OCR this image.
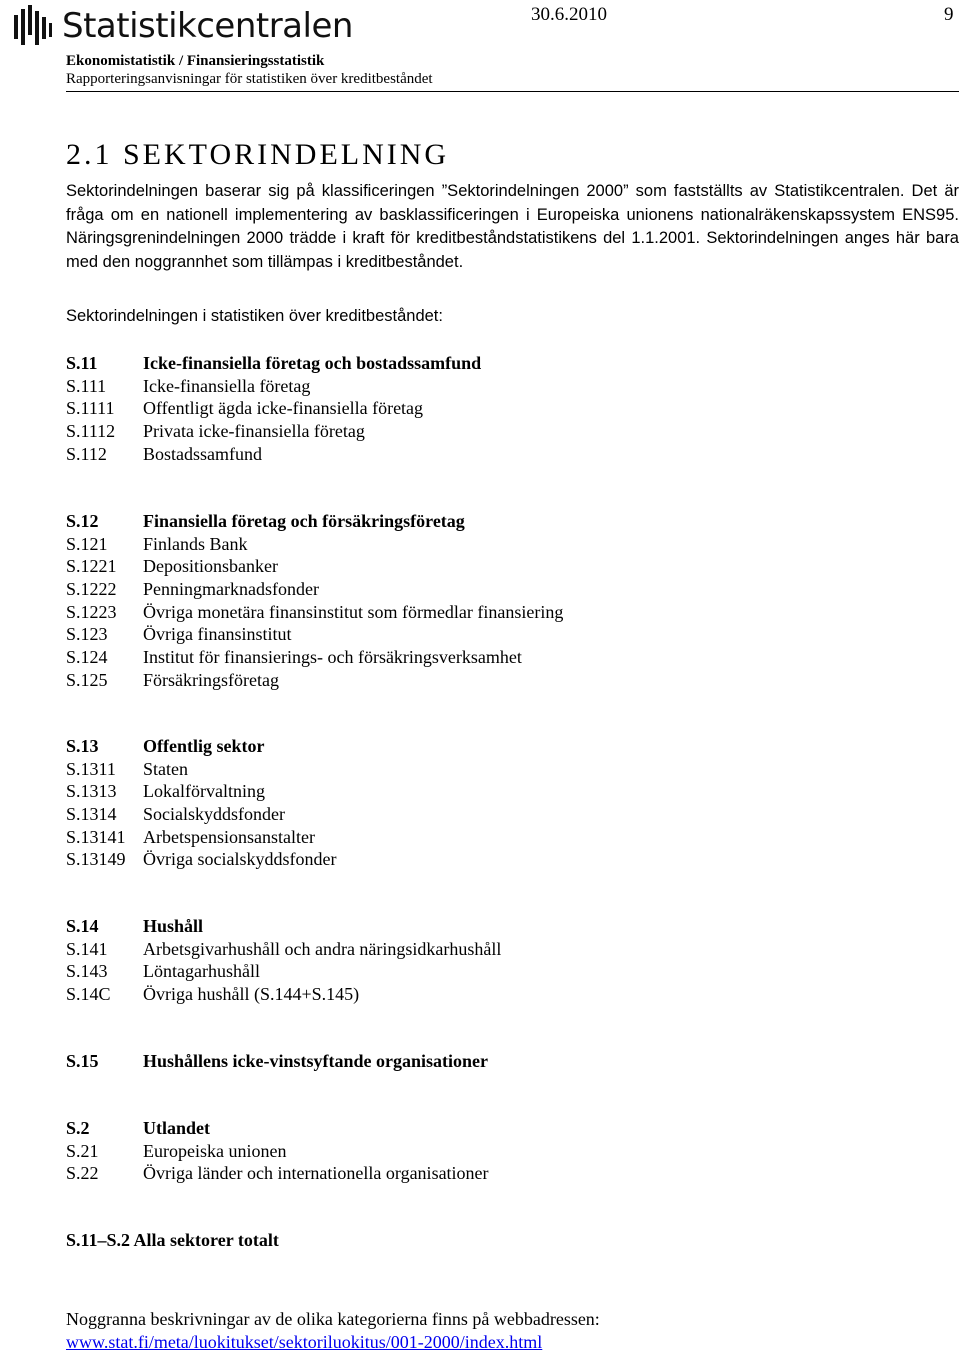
Statistikcentralen	30.6.2010	9
Ekonomistatistik / Finansieringsstatistik
Rapporteringsanvisningar för statistiken över kreditbeståndet
2.1 SEKTORINDELNING

Sektorindelningen baserar sig på klassificeringen ”Sektorindelningen 2000” som fastställts av Statistikcentralen. Det är fråga om en nationell implementering av basklassificeringen i Europeiska unionens nationalräkenskapssystem ENS95. Näringsgrenindelningen 2000 trädde i kraft för kreditbeståndstatistikens del 1.1.2001. Sektorindelningen anges här bara med den noggrannhet som tillämpas i kreditbeståndet.

Sektorindelningen i statistiken över kreditbeståndet:
S.11	Icke-finansiella företag och bostadssamfund
S.111 Icke-finansiella företag
S.1111 Offentligt ägda icke-finansiella företag
S.1112 Privata icke-finansiella företag
S.112 Bostadssamfund
S.12 Finansiella företag och försäkringsföretag
S.121 Finlands Bank
S.1221 Depositionsbanker
S.1222 Penningmarknadsfonder
S.1223 Övriga monetära finansinstitut som förmedlar finansiering
S.123 Övriga finansinstitut
S.124 Institut för finansierings- och försäkringsverksamhet
S.125 Försäkringsföretag
S.13 Offentlig sektor
S.1311 Staten
S.1313 Lokalförvaltning
S.1314 Socialskyddsfonder
S.13141 Arbetspensionsanstalter
S.13149 Övriga socialskyddsfonder
S.14 Hushåll
S.141 Arbetsgivarhushåll och andra näringsidkarhushåll
S.143 Löntagarhushåll
S.14C Övriga hushåll (S.144+S.145)
S.15 Hushållens icke-vinstsyftande organisationer
S.2	Utlandet
S.21 Europeiska unionen
S.22 Övriga länder och internationella organisationer
S.11–S.2 Alla sektorer totalt
Noggranna beskrivningar av de olika kategorierna finns på webbadressen:
www.stat.fi/meta/luokitukset/sektoriluokitus/001-2000/index.html
